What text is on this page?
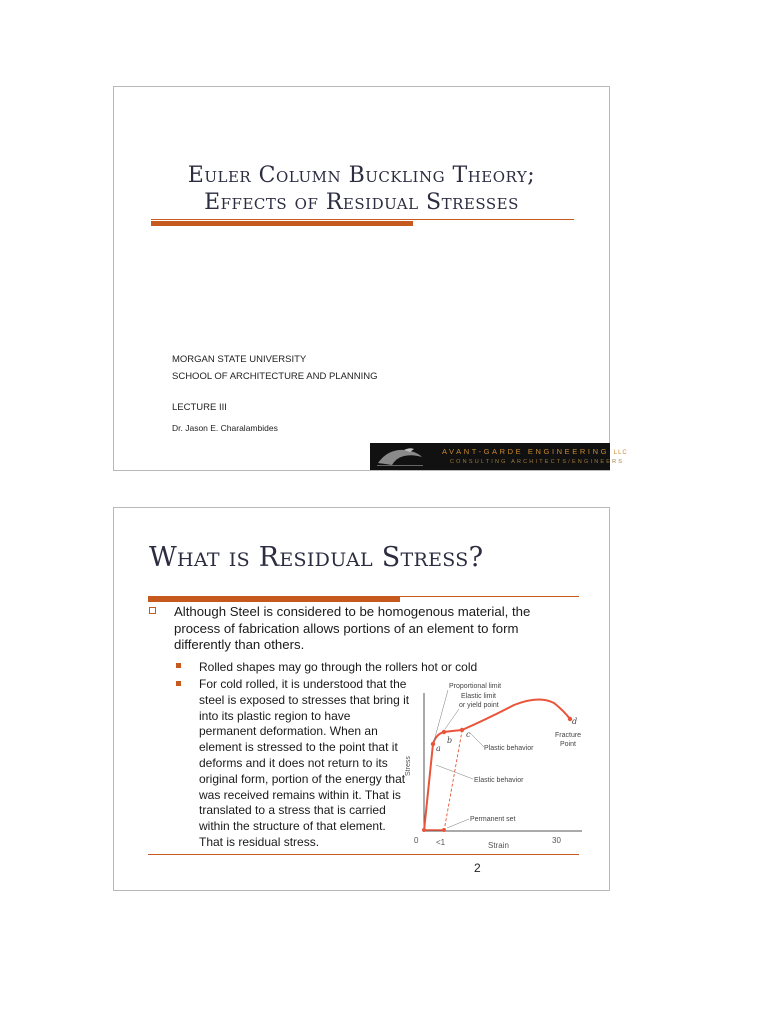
Euler Column Buckling Theory;
Effects of Residual Stresses
MORGAN STATE UNIVERSITY
SCHOOL OF ARCHITECTURE AND PLANNING
LECTURE III
Dr. Jason E. Charalambides
AVANT-GARDE ENGINEERING LLC
CONSULTING ARCHITECTS/ENGINEERS
What is Residual Stress?
Although Steel is considered to be homogenous material, the process of fabrication allows portions of an element to form differently than others.
Rolled shapes may go through the rollers hot or cold
For cold rolled, it is understood that the steel is exposed to stresses that bring it into its plastic region to have permanent deformation. When an element is stressed to the point that it deforms and it does not return to its original form, portion of the energy that was received remains within it. That is translated to a stress that is carried within the structure of that element. That is residual stress.
Stress
Strain
0 <1	30
a
b
c
d
Proportional limit
Elastic limit
or yield point
Plastic behavior
Elastic behavior
Permanent set
Fracture
Point
2
